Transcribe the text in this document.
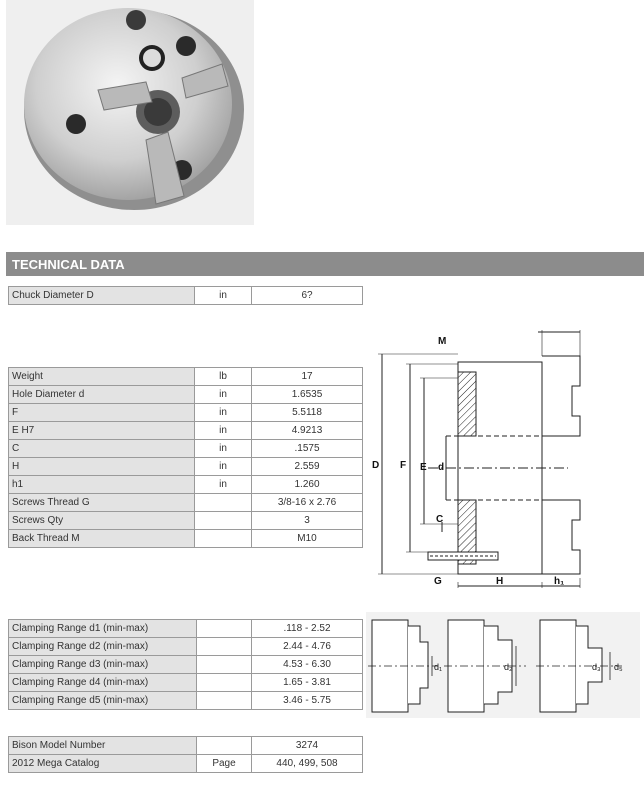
TECHNICAL DATA
Chuck Diameter D	in	6?
Weight	lb	17
Hole Diameter d	in	1.6535
F	in	5.5118
E H7	in	4.9213
C	in	.1575
H	in	2.559
h1	in	1.260
Screws Thread G		3/8-16 x 2.76
Screws Qty		3
Back Thread M		M10
Clamping Range d1 (min-max)		.118 - 2.52
Clamping Range d2 (min-max)		2.44 - 4.76
Clamping Range d3 (min-max)		4.53 - 6.30
Clamping Range d4 (min-max)		1.65 - 3.81
Clamping Range d5 (min-max)		3.46 - 5.75
Bison Model Number		3274
2012 Mega Catalog	Page	440, 499, 508
D F E d
C
G
M
H	h₁
d₁	d₂	d₃ d₅
